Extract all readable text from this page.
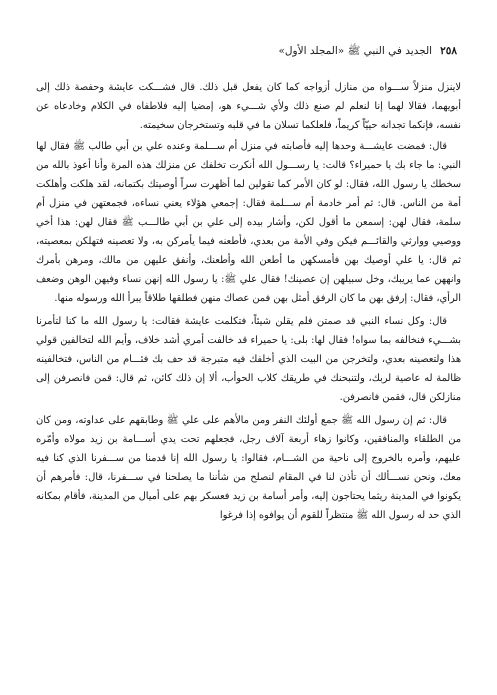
٢٥٨
الجديد في النبي ﷺ «المجلد الأول»

لاينزل منزلاً ســـواه من منازل أزواجه كما كان يفعل قبل ذلك. قال فشـــكت عايشة وحفصة ذلك إلى أبويهما، فقالا لهما إنا لنعلم لم صنع ذلك ولأي شـــيء هو، إمضيا إليه فلاطفاه في الكلام وخادعاه عن نفسه، فإنكما تجدانه حييّاً كريماً، فلعلكما تسلان ما في قلبه وتستخرجان سخيمته.

قال: فمضت عايشـــة وحدها إليه فأصابته في منزل أم ســـلمة وعنده علي بن أبي طالب ﷺ فقال لها النبي: ما جاء بك يا حميراء؟ قالت: يا رســـول الله أنكرت تخلفك عن منزلك هذه المرة وأنا أعوذ بالله من سخطك يا رسول الله، فقال: لو كان الأمر كما تقولين لما أظهرت سراً أوصيتك بكتمانه، لقد هلكت وأهلكت أمة من الناس. قال: ثم أمر خادمة أم ســـلمة فقال: إجمعي هؤلاء يعني نساءه، فجمعتهن في منزل أم سلمة، فقال لهن: إسمعن ما أقول لكن، وأشار بيده إلى علي بن أبي طالـــب ﷺ فقال لهن: هذا أخي ووصيي ووارثي والقائـــم فيكن وفي الأمة من بعدي، فأطعنه فيما يأمركن به، ولا تعصينه فتهلكن بمعصيته، ثم قال: يا علي أوصيك بهن فأمسكهن ما أطعن الله وأطعنك، وأنفق عليهن من مالك، ومرهن بأمرك وانههن عما يريبك، وخل سبيلهن إن عصينك! فقال علي ﷺ: يا رسول الله إنهن نساء وفيهن الوهن وضعف الرأي، فقال: إرفق بهن ما كان الرفق أمثل بهن فمن عصاك منهن فطلقها طلاقاً يبرأ الله ورسوله منها.

قال: وكل نساء النبي قد صمتن فلم يقلن شيئاً، فتكلمت عايشة فقالت: يا رسول الله ما كنا لتأمرنا بشـــيء فنخالفه بما سواه! فقال لها: بلى: يا حميراء قد خالفت أمري أشد خلاف، وأيم الله لتخالفين قولي هذا ولتعصينه بعدي، ولتخرجن من البيت الذي أخلفك فيه متبرجة قد حف بك فئـــام من الناس، فتخالفينه ظالمة له عاصية لربك، ولتنبحنك في طريقك كلاب الحوأب، ألا إن ذلك كائن، ثم قال: قمن فانصرفن إلى منازلكن قال، فقمن فانصرفن.

قال: ثم إن رسول الله ﷺ جمع أولئك النفر ومن مالأهم على علي ﷺ وطابقهم على عداوته، ومن كان من الطلقاء والمنافقين، وكانوا زهاء أربعة آلاف رجل، فجعلهم تحت يدي أســـامة بن زيد مولاه وأمّره عليهم، وأمره بالخروج إلى ناحية من الشـــام، فقالوا: يا رسول الله إنا قدمنا من ســـفرنا الذي كنا فيه معك، ونحن نســـألك أن تأذن لنا في المقام لنصلح من شأننا ما يصلحنا في ســـفرنا، قال: فأمرهم أن يكونوا في المدينة ريثما يحتاجون إليه، وأمر أسامة بن زيد فعسكر بهم على أميال من المدينة، فأقام بمكانه الذي حد له رسول الله ﷺ منتظراً للقوم أن يوافوه إذا فرغوا
